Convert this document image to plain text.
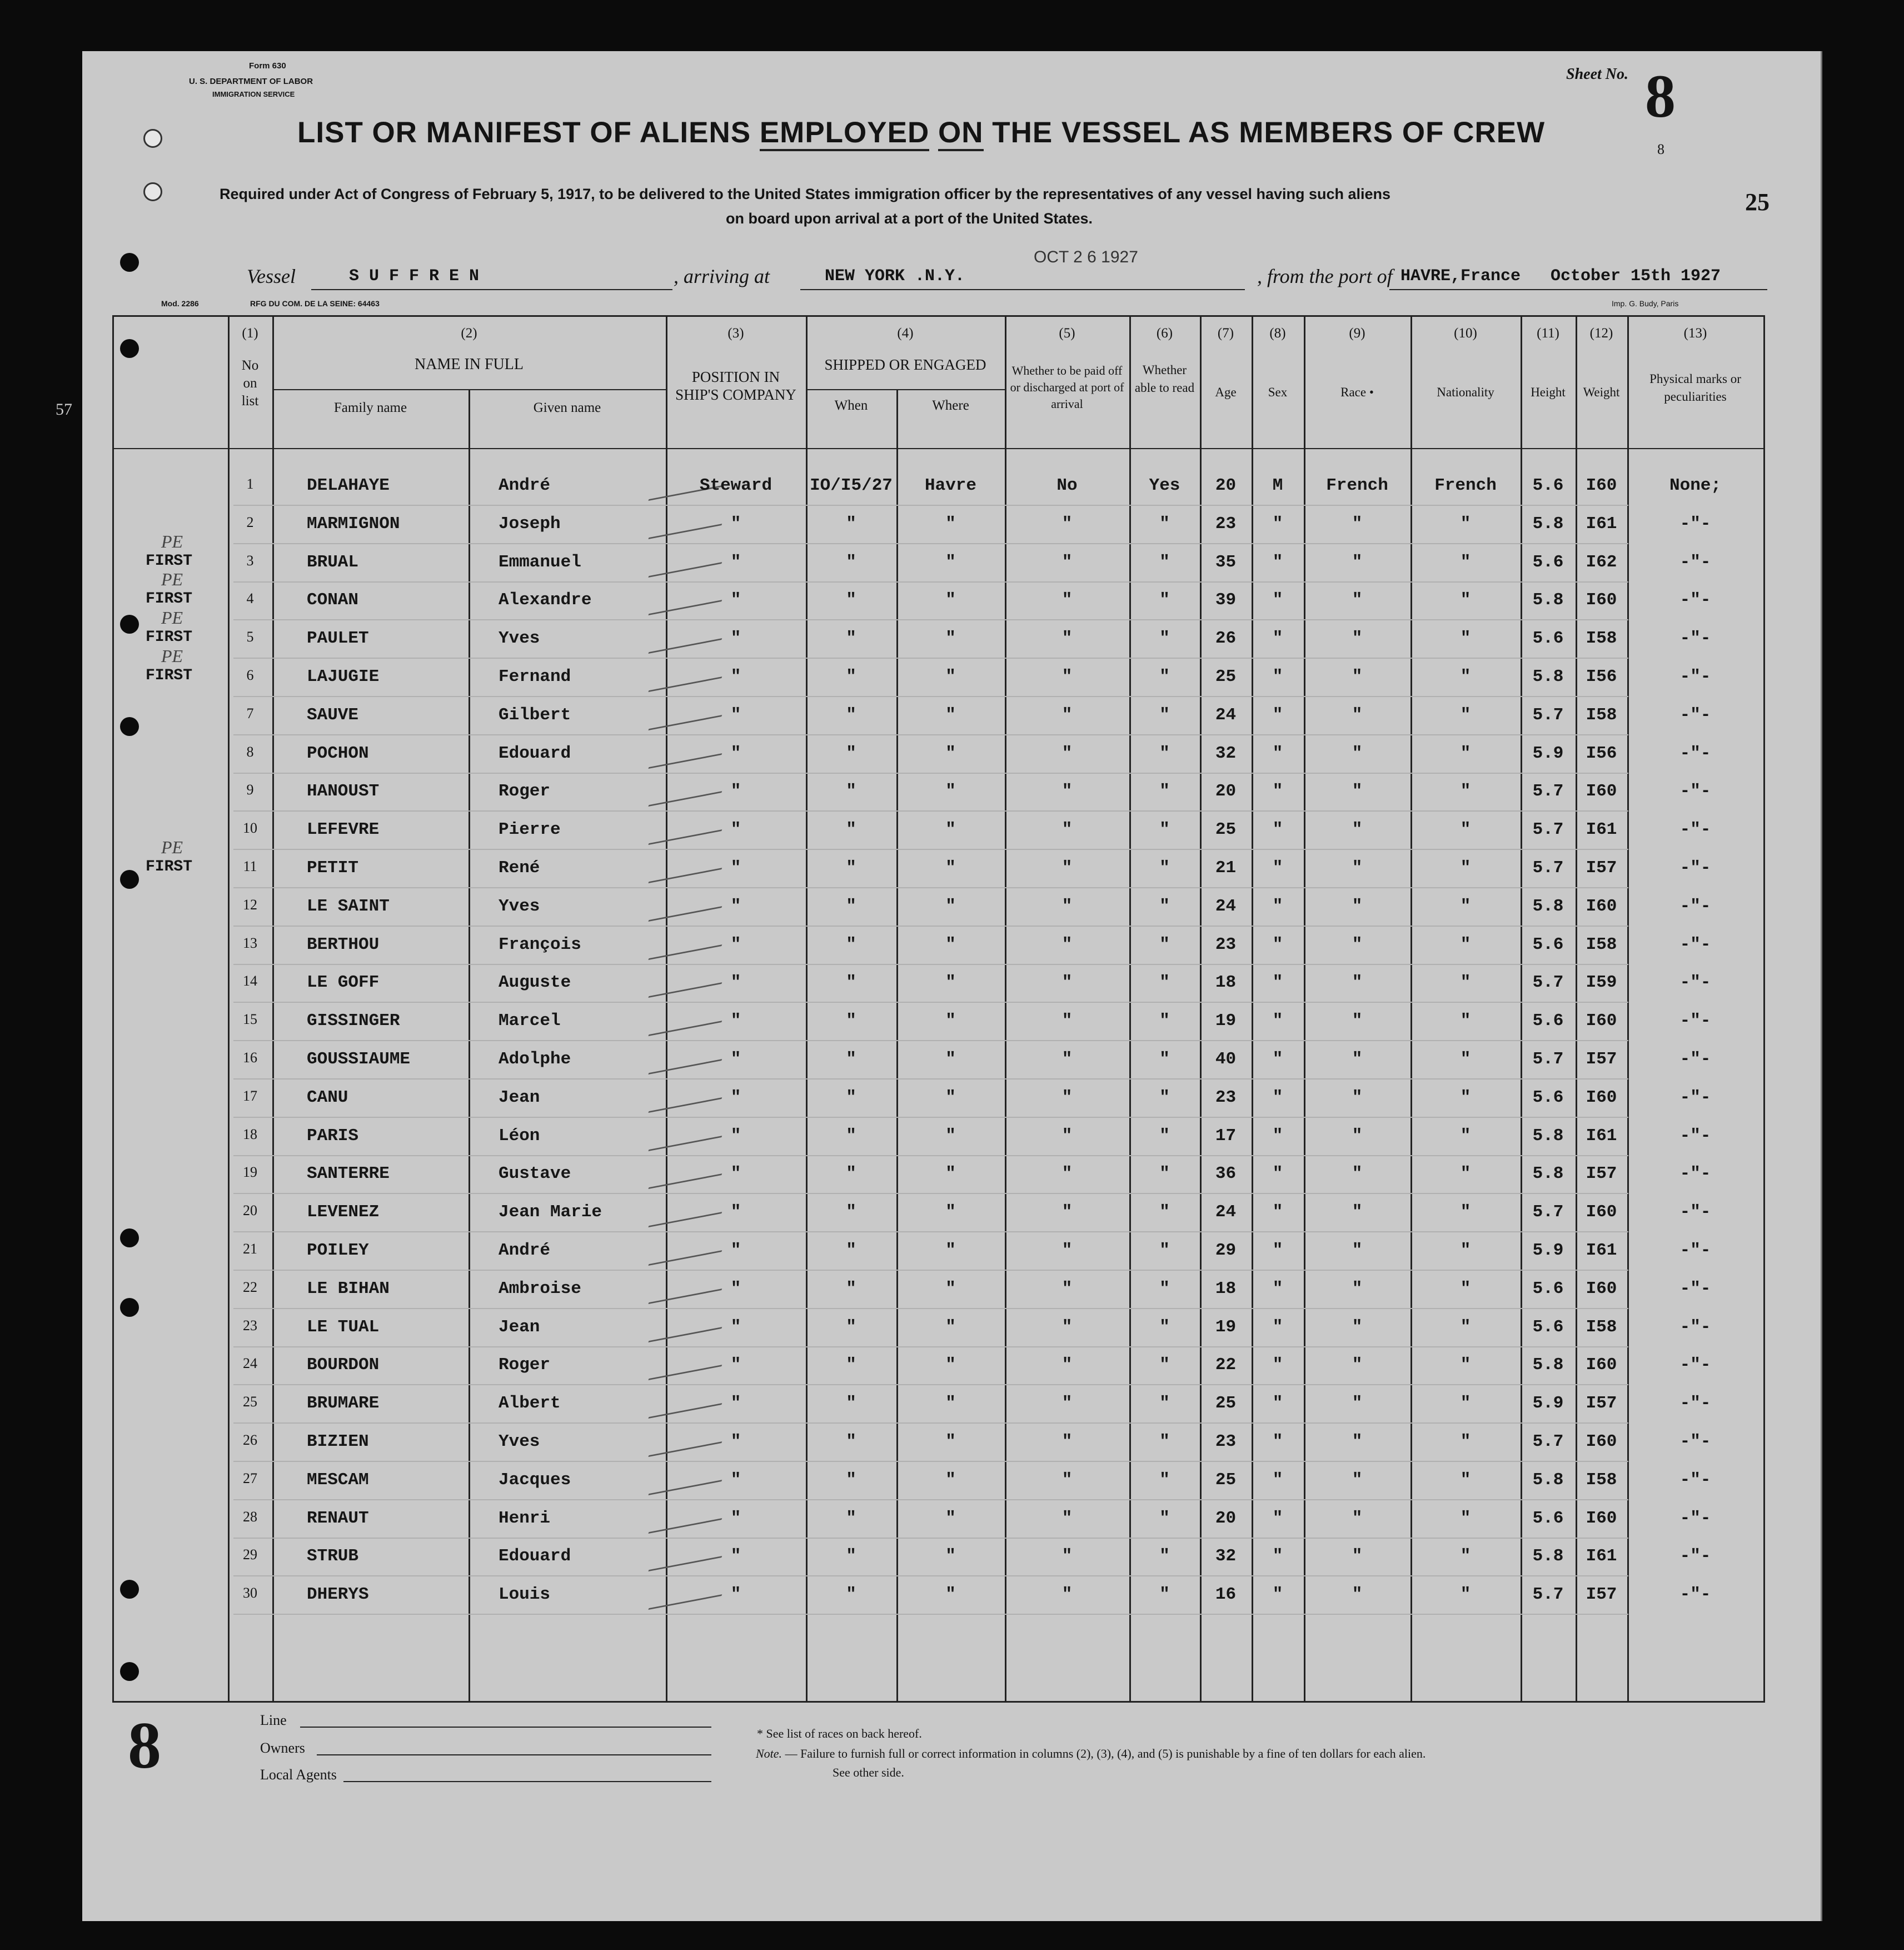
Form 630
U. S. DEPARTMENT OF LABOR
IMMIGRATION SERVICE
Sheet No. 8
8
25
57
LIST OR MANIFEST OF ALIENS EMPLOYED ON THE VESSEL AS MEMBERS OF CREW
Required under Act of Congress of February 5, 1917, to be delivered to the United States immigration officer by the representatives of any vessel having such aliens
on board upon arrival at a port of the United States.
Vessel	S U F F R E N	, arriving at	NEW YORK .N.Y.
OCT 2 6 1927
, from the port of HAVRE,France October 15th 1927
Mod. 2286	RFG DU COM. DE LA SEINE: 64463	Imp. G. Budy, Paris
(1)
No on list
(2)
NAME IN FULL
Family name	Given name
(3)
POSITION IN SHIP'S COMPANY
(4)
SHIPPED OR ENGAGED
When	Where
(5)
Whether to be paid off or discharged at port of arrival
(6)
Whether able to read
(7)
Age
(8)
Sex
(9)
Race •
(10)
Nationality
(11)
Height
(12)
Weight
(13)
Physical marks or peculiarities
1	DELAHAYE	André	Steward	IO/I5/27	Havre	No	Yes	20	M	French	French	5.6	I60	None;
2	MARMIGNON	Joseph	"	"	"	"	"	23	"	"	"	5.8	I61	-"-
3	BRUAL	Emmanuel	"	"	"	"	"	35	"	"	"	5.6	I62	-"-
4	CONAN	Alexandre	"	"	"	"	"	39	"	"	"	5.8	I60	-"-
5	PAULET	Yves	"	"	"	"	"	26	"	"	"	5.6	I58	-"-
6	LAJUGIE	Fernand	"	"	"	"	"	25	"	"	"	5.8	I56	-"-
7	SAUVE	Gilbert	"	"	"	"	"	24	"	"	"	5.7	I58	-"-
8	POCHON	Edouard	"	"	"	"	"	32	"	"	"	5.9	I56	-"-
9	HANOUST	Roger	"	"	"	"	"	20	"	"	"	5.7	I60	-"-
10	LEFEVRE	Pierre	"	"	"	"	"	25	"	"	"	5.7	I61	-"-
11	PETIT	René	"	"	"	"	"	21	"	"	"	5.7	I57	-"-
12	LE SAINT	Yves	"	"	"	"	"	24	"	"	"	5.8	I60	-"-
13	BERTHOU	François	"	"	"	"	"	23	"	"	"	5.6	I58	-"-
14	LE GOFF	Auguste	"	"	"	"	"	18	"	"	"	5.7	I59	-"-
15	GISSINGER	Marcel	"	"	"	"	"	19	"	"	"	5.6	I60	-"-
16	GOUSSIAUME	Adolphe	"	"	"	"	"	40	"	"	"	5.7	I57	-"-
17	CANU	Jean	"	"	"	"	"	23	"	"	"	5.6	I60	-"-
18	PARIS	Léon	"	"	"	"	"	17	"	"	"	5.8	I61	-"-
19	SANTERRE	Gustave	"	"	"	"	"	36	"	"	"	5.8	I57	-"-
20	LEVENEZ	Jean Marie	"	"	"	"	"	24	"	"	"	5.7	I60	-"-
21	POILEY	André	"	"	"	"	"	29	"	"	"	5.9	I61	-"-
22	LE BIHAN	Ambroise	"	"	"	"	"	18	"	"	"	5.6	I60	-"-
23	LE TUAL	Jean	"	"	"	"	"	19	"	"	"	5.6	I58	-"-
24	BOURDON	Roger	"	"	"	"	"	22	"	"	"	5.8	I60	-"-
25	BRUMARE	Albert	"	"	"	"	"	25	"	"	"	5.9	I57	-"-
26	BIZIEN	Yves	"	"	"	"	"	23	"	"	"	5.7	I60	-"-
27	MESCAM	Jacques	"	"	"	"	"	25	"	"	"	5.8	I58	-"-
28	RENAUT	Henri	"	"	"	"	"	20	"	"	"	5.6	I60	-"-
29	STRUB	Edouard	"	"	"	"	"	32	"	"	"	5.8	I61	-"-
30	DHERYS	Louis	"	"	"	"	"	16	"	"	"	5.7	I57	-"-
FIRST
PE
FIRST
PE
FIRST
PE
FIRST
PE
FIRST
PE
8	Line
Owners
Local Agents
* See list of races on back hereof.
Note. — Failure to furnish full or correct information in columns (2), (3), (4), and (5) is punishable by a fine of ten dollars for each alien.
See other side.
